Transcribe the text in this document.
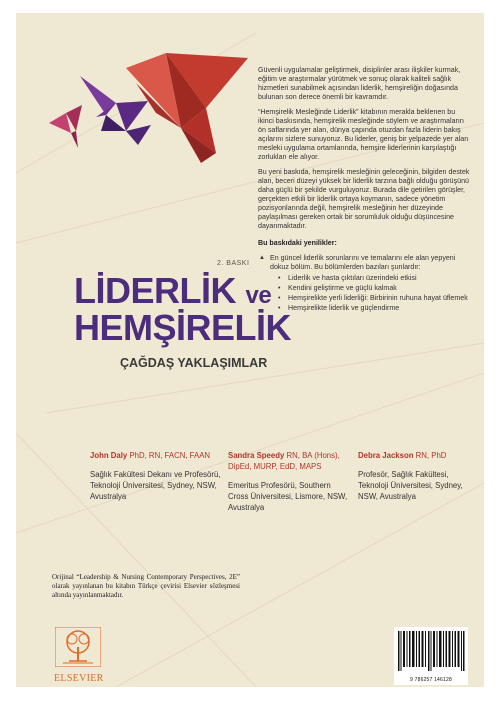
Güvenli uygulamalar geliştirmek, disiplinler arası ilişkiler kurmak, eğitim ve araştırmalar yürütmek ve sonuç olarak kaliteli sağlık hizmetleri sunabilmek açısından liderlik, hemşireliğin doğasında bulunan son derece önemli bir kavramdır.

“Hemşirelik Mesleğinde Liderlik” kitabının merakla beklenen bu ikinci baskısında, hemşirelik mesleğinde söylem ve araştırmaların ön saflarında yer alan, dünya çapında otuzdan fazla liderin bakış açılarını sizlere sunuyoruz. Bu liderler, geniş bir yelpazede yer alan mesleki uygulama ortamlarında, hemşire liderlerinin karşılaştığı zorlukları ele alıyor.

Bu yeni baskıda, hemşirelik mesleğinin geleceğinin, bilgiden destek alan, beceri düzeyi yüksek bir liderlik tarzına bağlı olduğu görüşünü daha güçlü bir şekilde vurguluyoruz. Burada dile getirilen görüşler, gerçekten etkili bir liderlik ortaya koymanın, sadece yönetim pozisyonlarında değil, hemşirelik mesleğinin her düzeyinde paylaşılması gereken ortak bir sorumluluk olduğu düşüncesine dayanmaktadır.

Bu baskıdaki yenilikler:

▲ En güncel liderlik sorunlarını ve temalarını ele alan yepyeni dokuz bölüm. Bu bölümlerden bazıları şunlardır:
• Liderlik ve hasta çıktıları üzerindeki etkisi
• Kendini geliştirme ve güçlü kalmak
• Hemşirelikte yerli liderliği: Birbirinin ruhuna hayat üflemek
• Hemşirelikte liderlik ve güçlendirme
2. BASKI
LİDERLİK ve
HEMŞİRELİK
ÇAĞDAŞ YAKLAŞIMLAR
John Daly PhD, RN, FACN, FAAN
Sağlık Fakültesi Dekanı ve Profesörü, Teknoloji Üniversitesi, Sydney, NSW, Avustralya
Sandra Speedy RN, BA (Hons), DipEd, MURP, EdD, MAPS
Emeritus Profesörü, Southern Cross Üniversitesi, Lismore, NSW, Avustralya
Debra Jackson RN, PhD
Profesör, Sağlık Fakültesi, Teknoloji Üniversitesi, Sydney, NSW, Avustralya
Orijinal “Leadership & Nursing Contemporary Perspectives, 2E” olarak yayınlanan bu kitabın Türkçe çevirisi Elsevier sözleşmesi altında yayınlanmaktadır.
ELSEVIER	9 786257 146128
